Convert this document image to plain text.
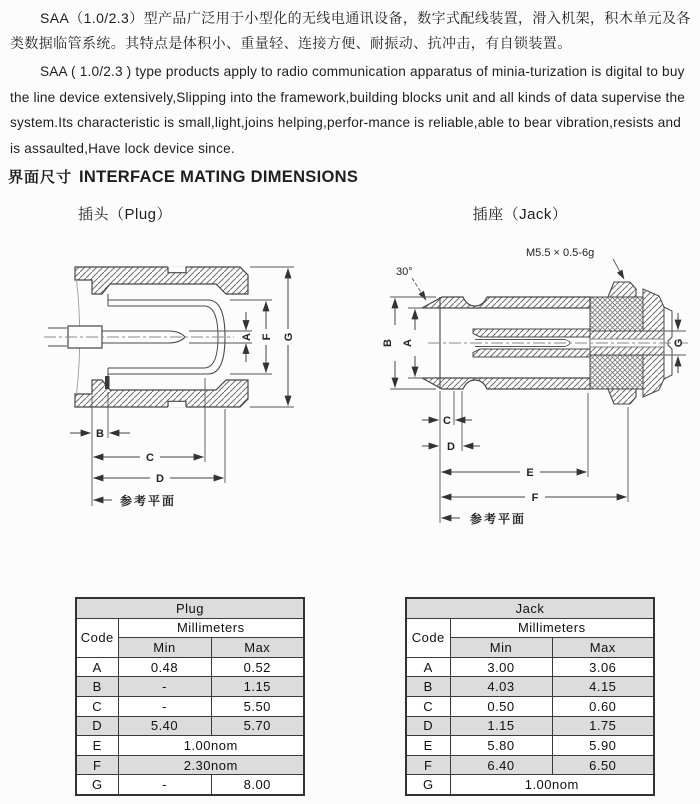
SAA（1.0/2.3）型产品广泛用于小型化的无线电通讯设备，数字式配线装置，滑入机架，积木单元及各类数据临管系统。其特点是体积小、重量轻、连接方便、耐振动、抗冲击，有自锁装置。

SAA ( 1.0/2.3 ) type products apply to radio communication apparatus of minia-turization is digital to buy the line device extensively,Slipping into the framework,building blocks unit and all kinds of data supervise the system.Its characteristic is small,light,joins helping,perfor-mance is reliable,able to bear vibration,resists and is assaulted,Have lock device since.

界面尺寸 INTERFACE MATING DIMENSIONS
插头（Plug）	插座（Jack）
A F G
B
C
D
参考平面
30°
M5.5 × 0.5-6g
B A	G
C
D
E
F
参考平面
Plug		
Code	Millimeters	
	Min	Max
A	0.48	0.52
B	-	1.15
C	-	5.50
D	5.40	5.70
E	1.00nom	
F	2.30nom	
G	-	8.00
Jack		
Code	Millimeters	
	Min	Max
A	3.00	3.06
B	4.03	4.15
C	0.50	0.60
D	1.15	1.75
E	5.80	5.90
F	6.40	6.50
G	1.00nom	
